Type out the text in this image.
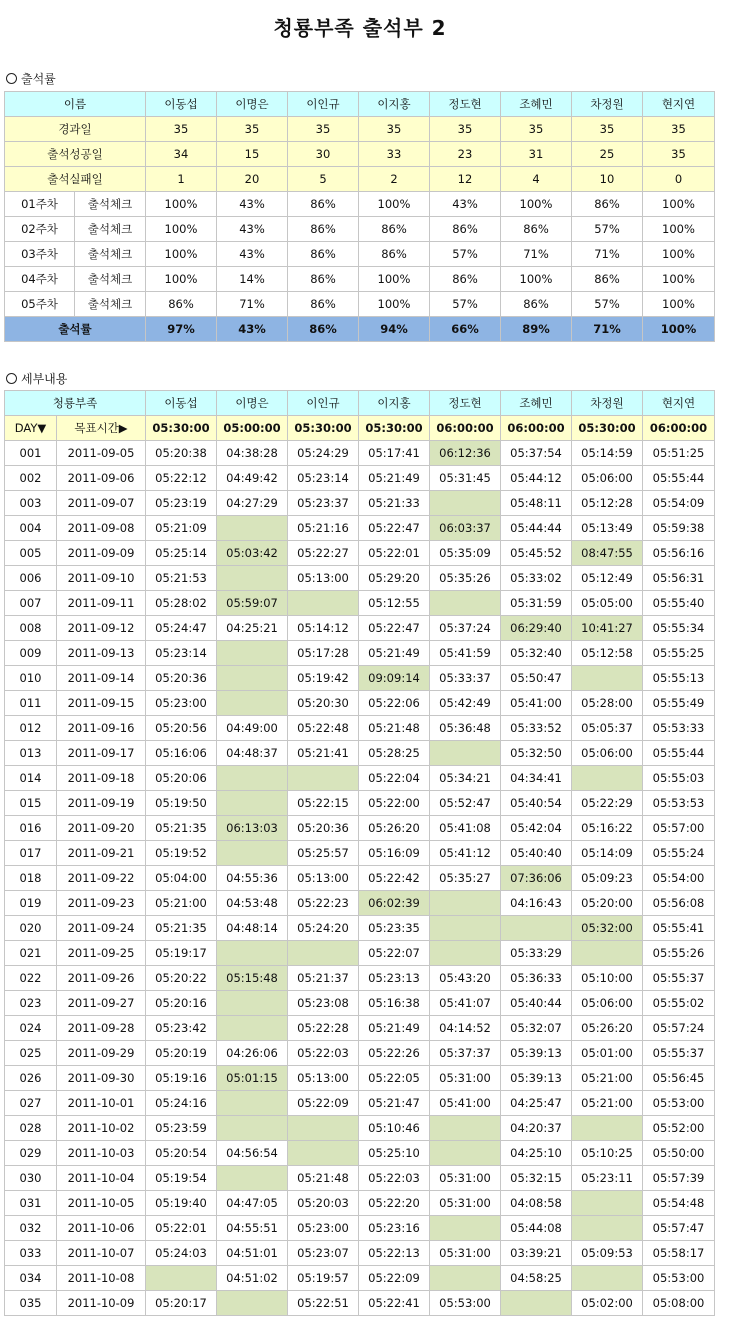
청룡부족 출석부 2
출석률
이름		이동섭	이명은	이인규	이지홍	정도현	조혜민	차정원	현지연
경과일		35	35	35	35	35	35	35	35
출석성공일		34	15	30	33	23	31	25	35
출석실패일		1	20	5	2	12	4	10	0
01주차	출석체크	100%	43%	86%	100%	43%	100%	86%	100%
02주차	출석체크	100%	43%	86%	86%	86%	86%	57%	100%
03주차	출석체크	100%	43%	86%	86%	57%	71%	71%	100%
04주차	출석체크	100%	14%	86%	100%	86%	100%	86%	100%
05주차	출석체크	86%	71%	86%	100%	57%	86%	57%	100%
출석률		97%	43%	86%	94%	66%	89%	71%	100%
세부내용
청룡부족		이동섭	이명은	이인규	이지홍	정도현	조혜민	차정원	현지연
DAY▼	목표시간▶	05:30:00	05:00:00	05:30:00	05:30:00	06:00:00	06:00:00	05:30:00	06:00:00
001	2011-09-05	05:20:38	04:38:28	05:24:29	05:17:41	06:12:36	05:37:54	05:14:59	05:51:25
002	2011-09-06	05:22:12	04:49:42	05:23:14	05:21:49	05:31:45	05:44:12	05:06:00	05:55:44
003	2011-09-07	05:23:19	04:27:29	05:23:37	05:21:33		05:48:11	05:12:28	05:54:09
004	2011-09-08	05:21:09		05:21:16	05:22:47	06:03:37	05:44:44	05:13:49	05:59:38
005	2011-09-09	05:25:14	05:03:42	05:22:27	05:22:01	05:35:09	05:45:52	08:47:55	05:56:16
006	2011-09-10	05:21:53		05:13:00	05:29:20	05:35:26	05:33:02	05:12:49	05:56:31
007	2011-09-11	05:28:02	05:59:07		05:12:55		05:31:59	05:05:00	05:55:40
008	2011-09-12	05:24:47	04:25:21	05:14:12	05:22:47	05:37:24	06:29:40	10:41:27	05:55:34
009	2011-09-13	05:23:14		05:17:28	05:21:49	05:41:59	05:32:40	05:12:58	05:55:25
010	2011-09-14	05:20:36		05:19:42	09:09:14	05:33:37	05:50:47		05:55:13
011	2011-09-15	05:23:00		05:20:30	05:22:06	05:42:49	05:41:00	05:28:00	05:55:49
012	2011-09-16	05:20:56	04:49:00	05:22:48	05:21:48	05:36:48	05:33:52	05:05:37	05:53:33
013	2011-09-17	05:16:06	04:48:37	05:21:41	05:28:25		05:32:50	05:06:00	05:55:44
014	2011-09-18	05:20:06			05:22:04	05:34:21	04:34:41		05:55:03
015	2011-09-19	05:19:50		05:22:15	05:22:00	05:52:47	05:40:54	05:22:29	05:53:53
016	2011-09-20	05:21:35	06:13:03	05:20:36	05:26:20	05:41:08	05:42:04	05:16:22	05:57:00
017	2011-09-21	05:19:52		05:25:57	05:16:09	05:41:12	05:40:40	05:14:09	05:55:24
018	2011-09-22	05:04:00	04:55:36	05:13:00	05:22:42	05:35:27	07:36:06	05:09:23	05:54:00
019	2011-09-23	05:21:00	04:53:48	05:22:23	06:02:39		04:16:43	05:20:00	05:56:08
020	2011-09-24	05:21:35	04:48:14	05:24:20	05:23:35			05:32:00	05:55:41
021	2011-09-25	05:19:17			05:22:07		05:33:29		05:55:26
022	2011-09-26	05:20:22	05:15:48	05:21:37	05:23:13	05:43:20	05:36:33	05:10:00	05:55:37
023	2011-09-27	05:20:16		05:23:08	05:16:38	05:41:07	05:40:44	05:06:00	05:55:02
024	2011-09-28	05:23:42		05:22:28	05:21:49	04:14:52	05:32:07	05:26:20	05:57:24
025	2011-09-29	05:20:19	04:26:06	05:22:03	05:22:26	05:37:37	05:39:13	05:01:00	05:55:37
026	2011-09-30	05:19:16	05:01:15	05:13:00	05:22:05	05:31:00	05:39:13	05:21:00	05:56:45
027	2011-10-01	05:24:16		05:22:09	05:21:47	05:41:00	04:25:47	05:21:00	05:53:00
028	2011-10-02	05:23:59			05:10:46		04:20:37		05:52:00
029	2011-10-03	05:20:54	04:56:54		05:25:10		04:25:10	05:10:25	05:50:00
030	2011-10-04	05:19:54		05:21:48	05:22:03	05:31:00	05:32:15	05:23:11	05:57:39
031	2011-10-05	05:19:40	04:47:05	05:20:03	05:22:20	05:31:00	04:08:58		05:54:48
032	2011-10-06	05:22:01	04:55:51	05:23:00	05:23:16		05:44:08		05:57:47
033	2011-10-07	05:24:03	04:51:01	05:23:07	05:22:13	05:31:00	03:39:21	05:09:53	05:58:17
034	2011-10-08		04:51:02	05:19:57	05:22:09		04:58:25		05:53:00
035	2011-10-09	05:20:17		05:22:51	05:22:41	05:53:00		05:02:00	05:08:00
